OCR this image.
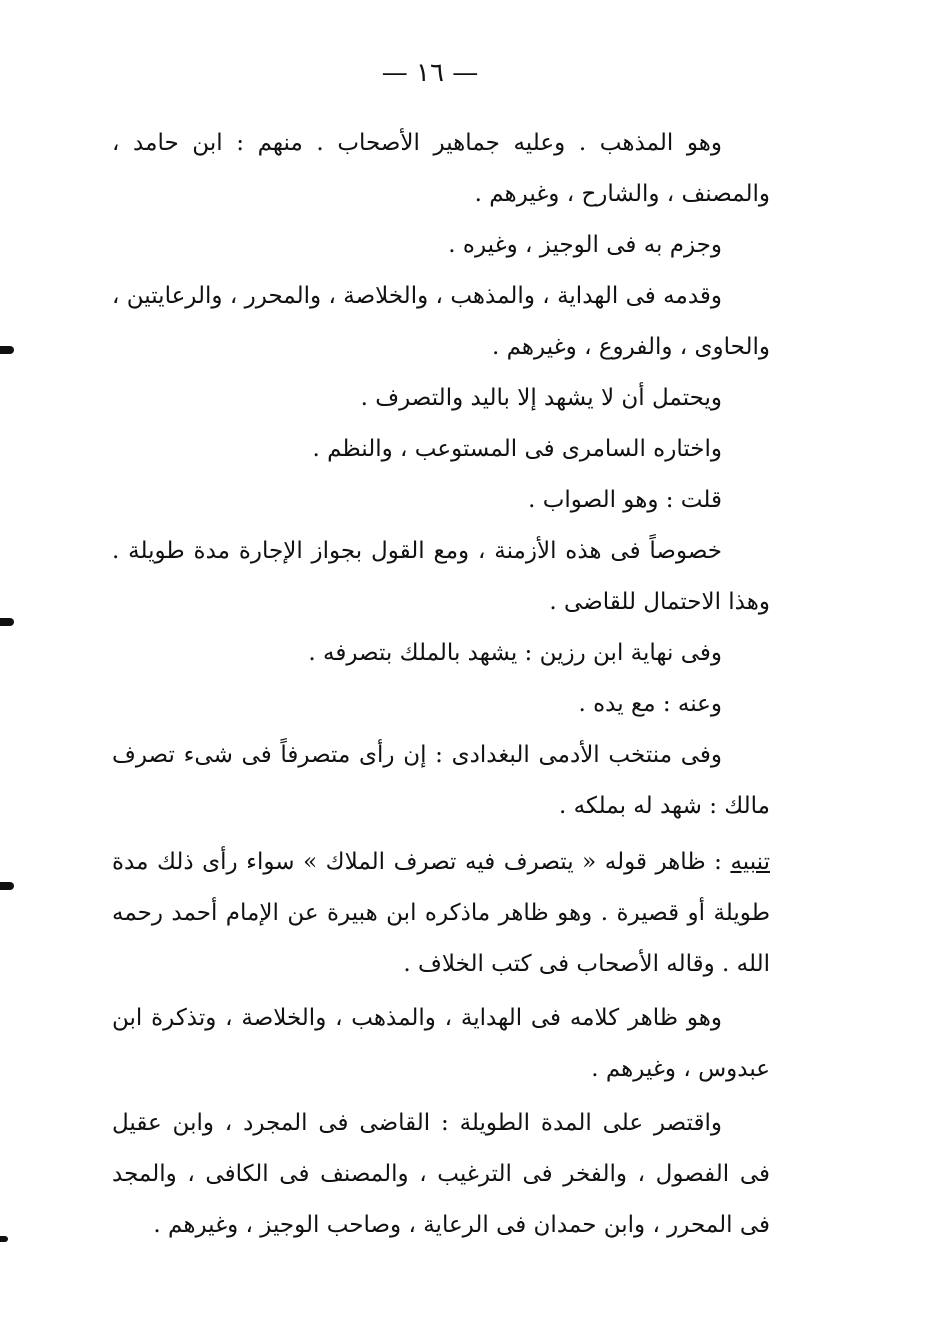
— ١٦ —

وهو المذهب . وعليه جماهير الأصحاب . منهم : ابن حامد ، والمصنف ، والشارح ، وغيرهم .

وجزم به فى الوجيز ، وغيره .

وقدمه فى الهداية ، والمذهب ، والخلاصة ، والمحرر ، والرعايتين ، والحاوى ، والفروع ، وغيرهم .

ويحتمل أن لا يشهد إلا باليد والتصرف .

واختاره السامرى فى المستوعب ، والنظم .

قلت : وهو الصواب .

خصوصاً فى هذه الأزمنة ، ومع القول بجواز الإجارة مدة طويلة . وهذا الاحتمال للقاضى .

وفى نهاية ابن رزين : يشهد بالملك بتصرفه .

وعنه : مع يده .

وفى منتخب الأدمى البغدادى : إن رأى متصرفاً فى شىء تصرف مالك : شهد له بملكه .

تنبيه : ظاهر قوله « يتصرف فيه تصرف الملاك » سواء رأى ذلك مدة طويلة أو قصيرة . وهو ظاهر ماذكره ابن هبيرة عن الإمام أحمد رحمه الله . وقاله الأصحاب فى كتب الخلاف .

وهو ظاهر كلامه فى الهداية ، والمذهب ، والخلاصة ، وتذكرة ابن عبدوس ، وغيرهم .

واقتصر على المدة الطويلة : القاضى فى المجرد ، وابن عقيل فى الفصول ، والفخر فى الترغيب ، والمصنف فى الكافى ، والمجد فى المحرر ، وابن حمدان فى الرعاية ، وصاحب الوجيز ، وغيرهم .
